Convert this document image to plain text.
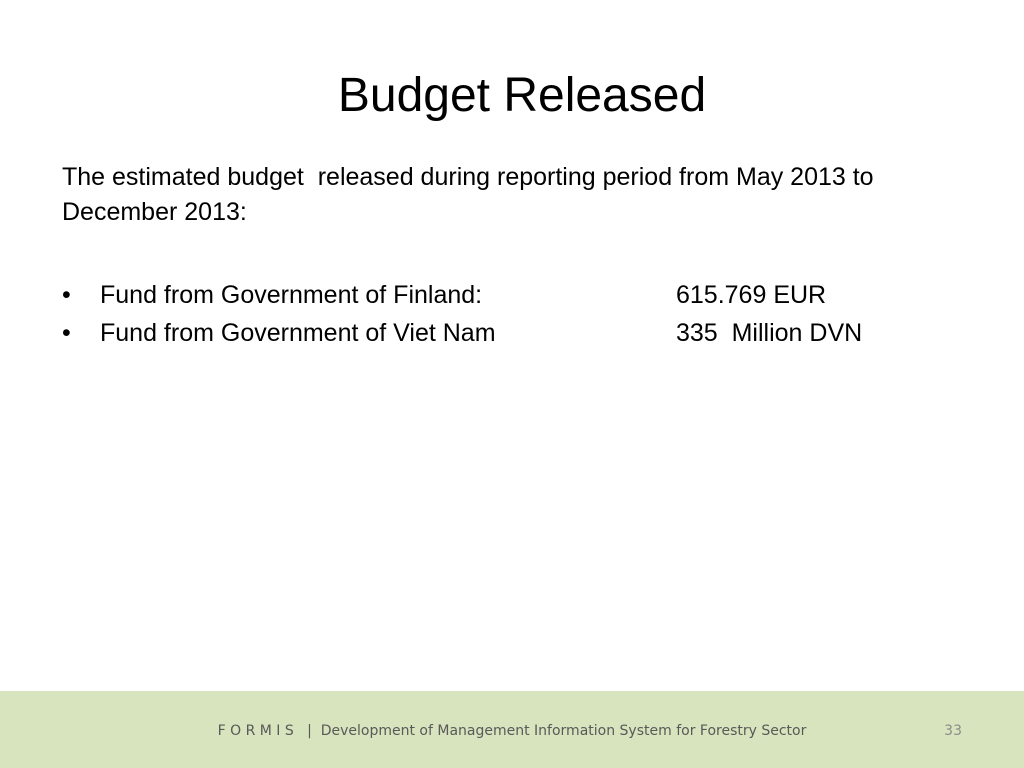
Budget Released

The estimated budget  released during reporting period from May 2013 to December 2013:

• Fund from Government of Finland:	615.769 EUR
• Fund from Government of Viet Nam	335  Million DVN
F O R M I S   |  Development of Management Information System for Forestry Sector	33
